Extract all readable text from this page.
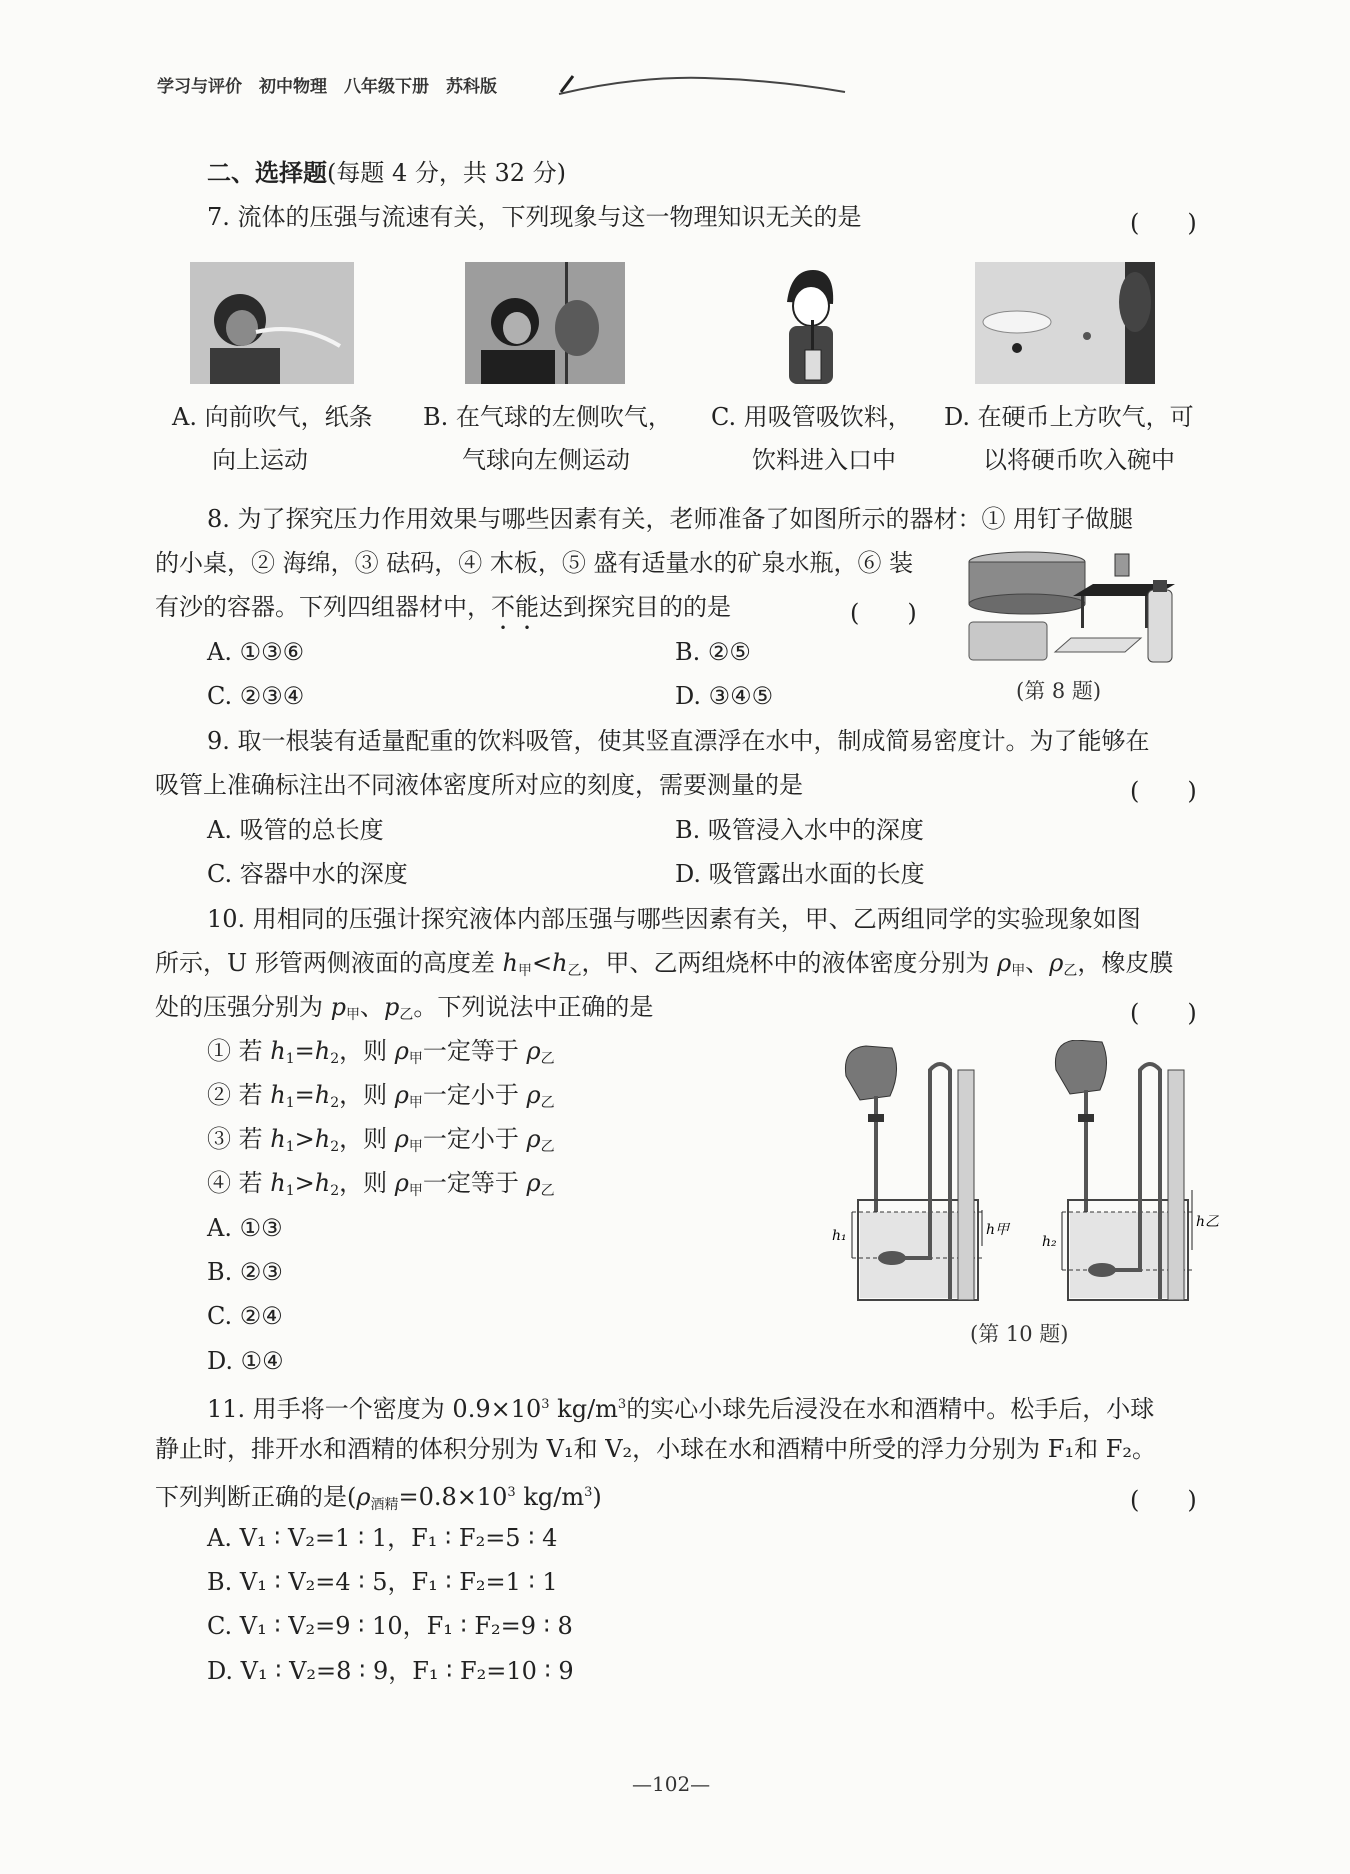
学习与评价　初中物理　八年级下册　苏科版
二、选择题(每题 4 分，共 32 分)
7. 流体的压强与流速有关，下列现象与这一物理知识无关的是	(　　)
A. 向前吹气，纸条
向上运动
B. 在气球的左侧吹气，
气球向左侧运动
C. 用吸管吸饮料，
饮料进入口中
D. 在硬币上方吹气，可
以将硬币吹入碗中
8. 为了探究压力作用效果与哪些因素有关，老师准备了如图所示的器材：① 用钉子做腿
的小桌，② 海绵，③ 砝码，④ 木板，⑤ 盛有适量水的矿泉水瓶，⑥ 装
有沙的容器。下列四组器材中，不能达到探究目的的是	(　　)
A. ①③⑥	B. ②⑤
C. ②③④	D. ③④⑤	(第 8 题)
9. 取一根装有适量配重的饮料吸管，使其竖直漂浮在水中，制成简易密度计。为了能够在
吸管上准确标注出不同液体密度所对应的刻度，需要测量的是	(　　)
A. 吸管的总长度	B. 吸管浸入水中的深度
C. 容器中水的深度	D. 吸管露出水面的长度
10. 用相同的压强计探究液体内部压强与哪些因素有关，甲、乙两组同学的实验现象如图
所示，U 形管两侧液面的高度差 $h_甲<h_乙$，甲、乙两组烧杯中的液体密度分别为 $\rho_甲$、$\rho_乙$，橡皮膜
处的压强分别为 $p_甲$、$p_乙$。下列说法中正确的是	(　　)
① 若 $h_1=h_2$，则 $\rho_甲$一定等于 $\rho_乙$
② 若 $h_1=h_2$，则 $\rho_甲$一定小于 $\rho_乙$
③ 若 $h_1>h_2$，则 $\rho_甲$一定小于 $\rho_乙$
④ 若 $h_1>h_2$，则 $\rho_甲$一定等于 $\rho_乙$
A. ①③
B. ②③
C. ②④
D. ①④
h₁	h甲
h₂
h乙
(第 10 题)
11. 用手将一个密度为 $0.9\times 10^3$ $kg/m^3$的实心小球先后浸没在水和酒精中。松手后，小球
静止时，排开水和酒精的体积分别为 V₁和 V₂，小球在水和酒精中所受的浮力分别为 F₁和 F₂。
下列判断正确的是($\rho_{酒精}=0.8\times 10^3$ $kg/m^3$)	(　　)
A. V₁ ∶ V₂=1 ∶ 1，F₁ ∶ F₂=5 ∶ 4
B. V₁ ∶ V₂=4 ∶ 5，F₁ ∶ F₂=1 ∶ 1
C. V₁ ∶ V₂=9 ∶ 10，F₁ ∶ F₂=9 ∶ 8
D. V₁ ∶ V₂=8 ∶ 9，F₁ ∶ F₂=10 ∶ 9
—102—
